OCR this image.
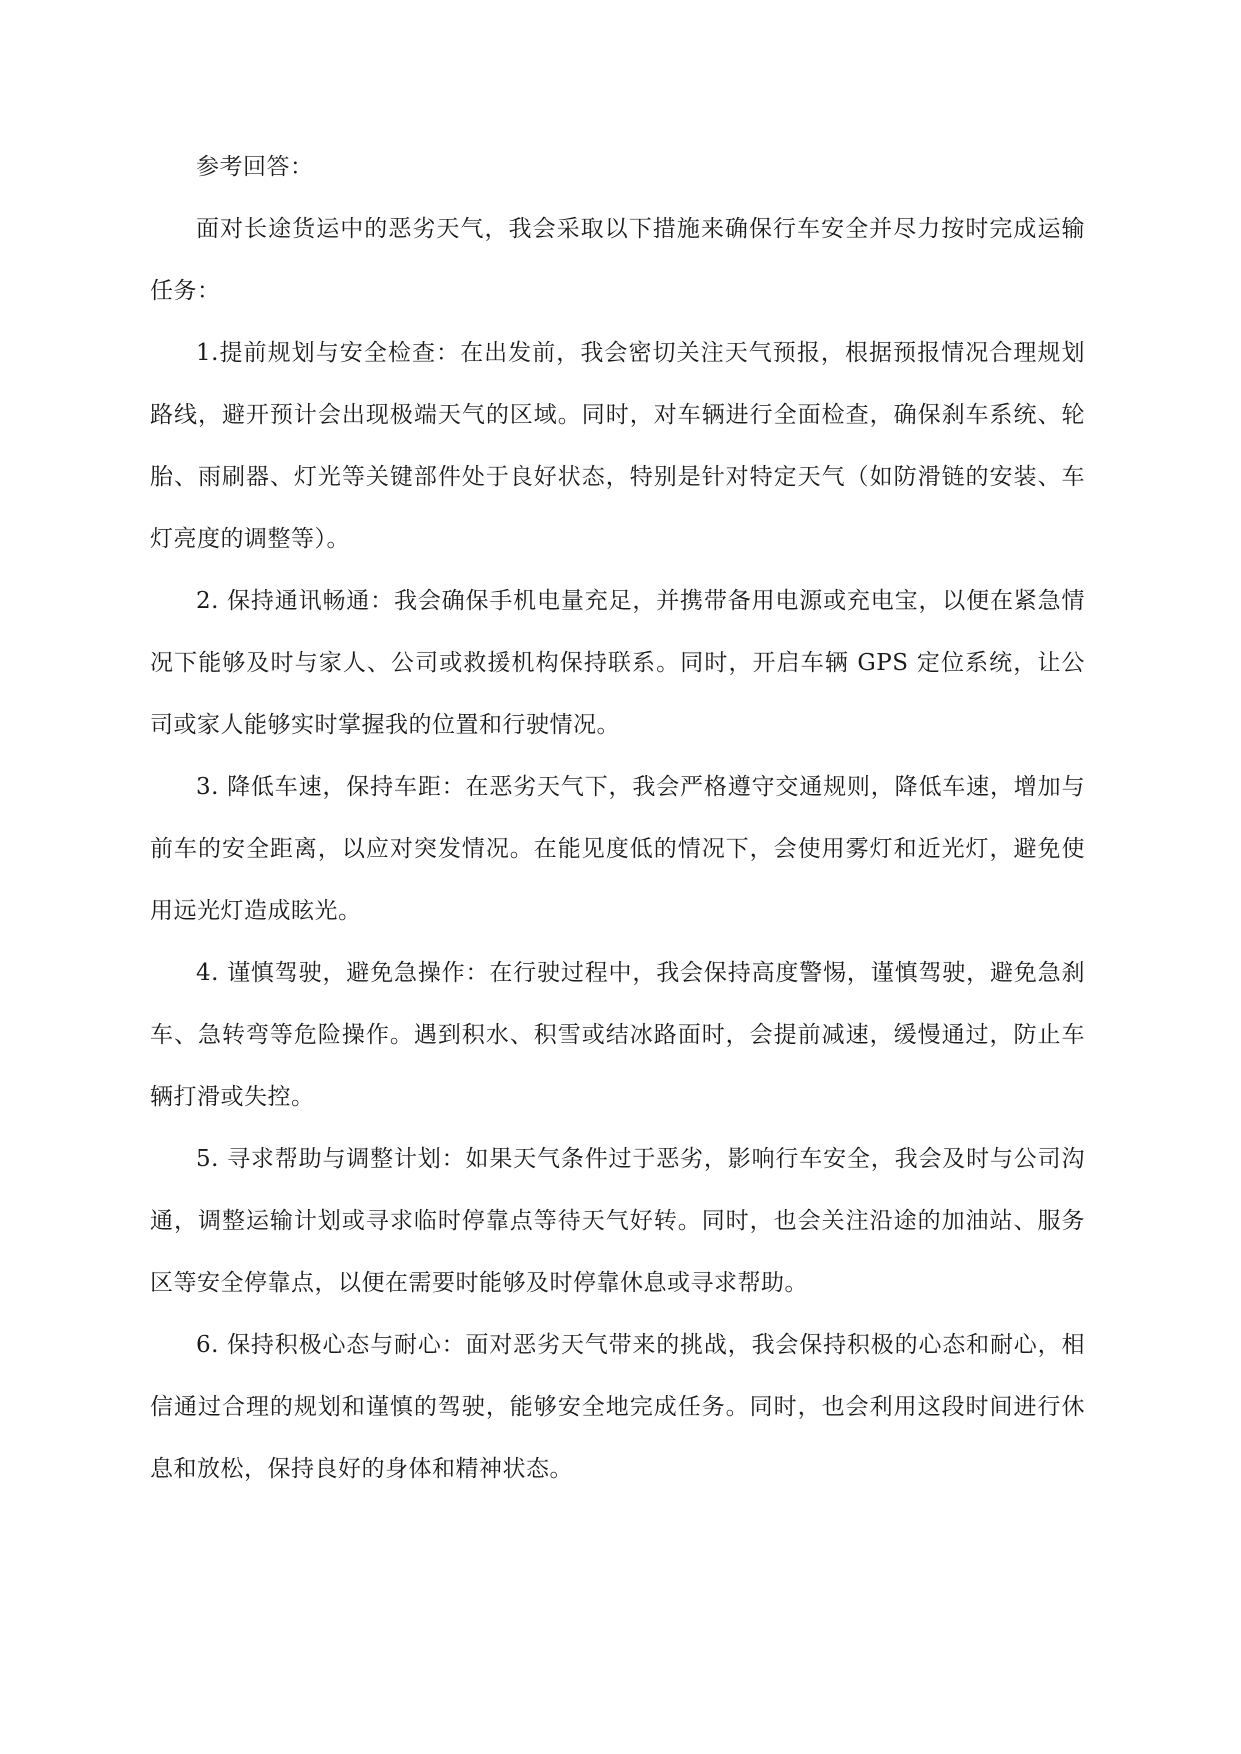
参考回答：

面对长途货运中的恶劣天气，我会采取以下措施来确保行车安全并尽力按时完成运输任务：

1.提前规划与安全检查：在出发前，我会密切关注天气预报，根据预报情况合理规划路线，避开预计会出现极端天气的区域。同时，对车辆进行全面检查，确保刹车系统、轮胎、雨刷器、灯光等关键部件处于良好状态，特别是针对特定天气（如防滑链的安装、车灯亮度的调整等）。

2. 保持通讯畅通：我会确保手机电量充足，并携带备用电源或充电宝，以便在紧急情况下能够及时与家人、公司或救援机构保持联系。同时，开启车辆 GPS 定位系统，让公司或家人能够实时掌握我的位置和行驶情况。

3. 降低车速，保持车距：在恶劣天气下，我会严格遵守交通规则，降低车速，增加与前车的安全距离，以应对突发情况。在能见度低的情况下，会使用雾灯和近光灯，避免使用远光灯造成眩光。

4. 谨慎驾驶，避免急操作：在行驶过程中，我会保持高度警惕，谨慎驾驶，避免急刹车、急转弯等危险操作。遇到积水、积雪或结冰路面时，会提前减速，缓慢通过，防止车辆打滑或失控。

5. 寻求帮助与调整计划：如果天气条件过于恶劣，影响行车安全，我会及时与公司沟通，调整运输计划或寻求临时停靠点等待天气好转。同时，也会关注沿途的加油站、服务区等安全停靠点，以便在需要时能够及时停靠休息或寻求帮助。

6. 保持积极心态与耐心：面对恶劣天气带来的挑战，我会保持积极的心态和耐心，相信通过合理的规划和谨慎的驾驶，能够安全地完成任务。同时，也会利用这段时间进行休息和放松，保持良好的身体和精神状态。
